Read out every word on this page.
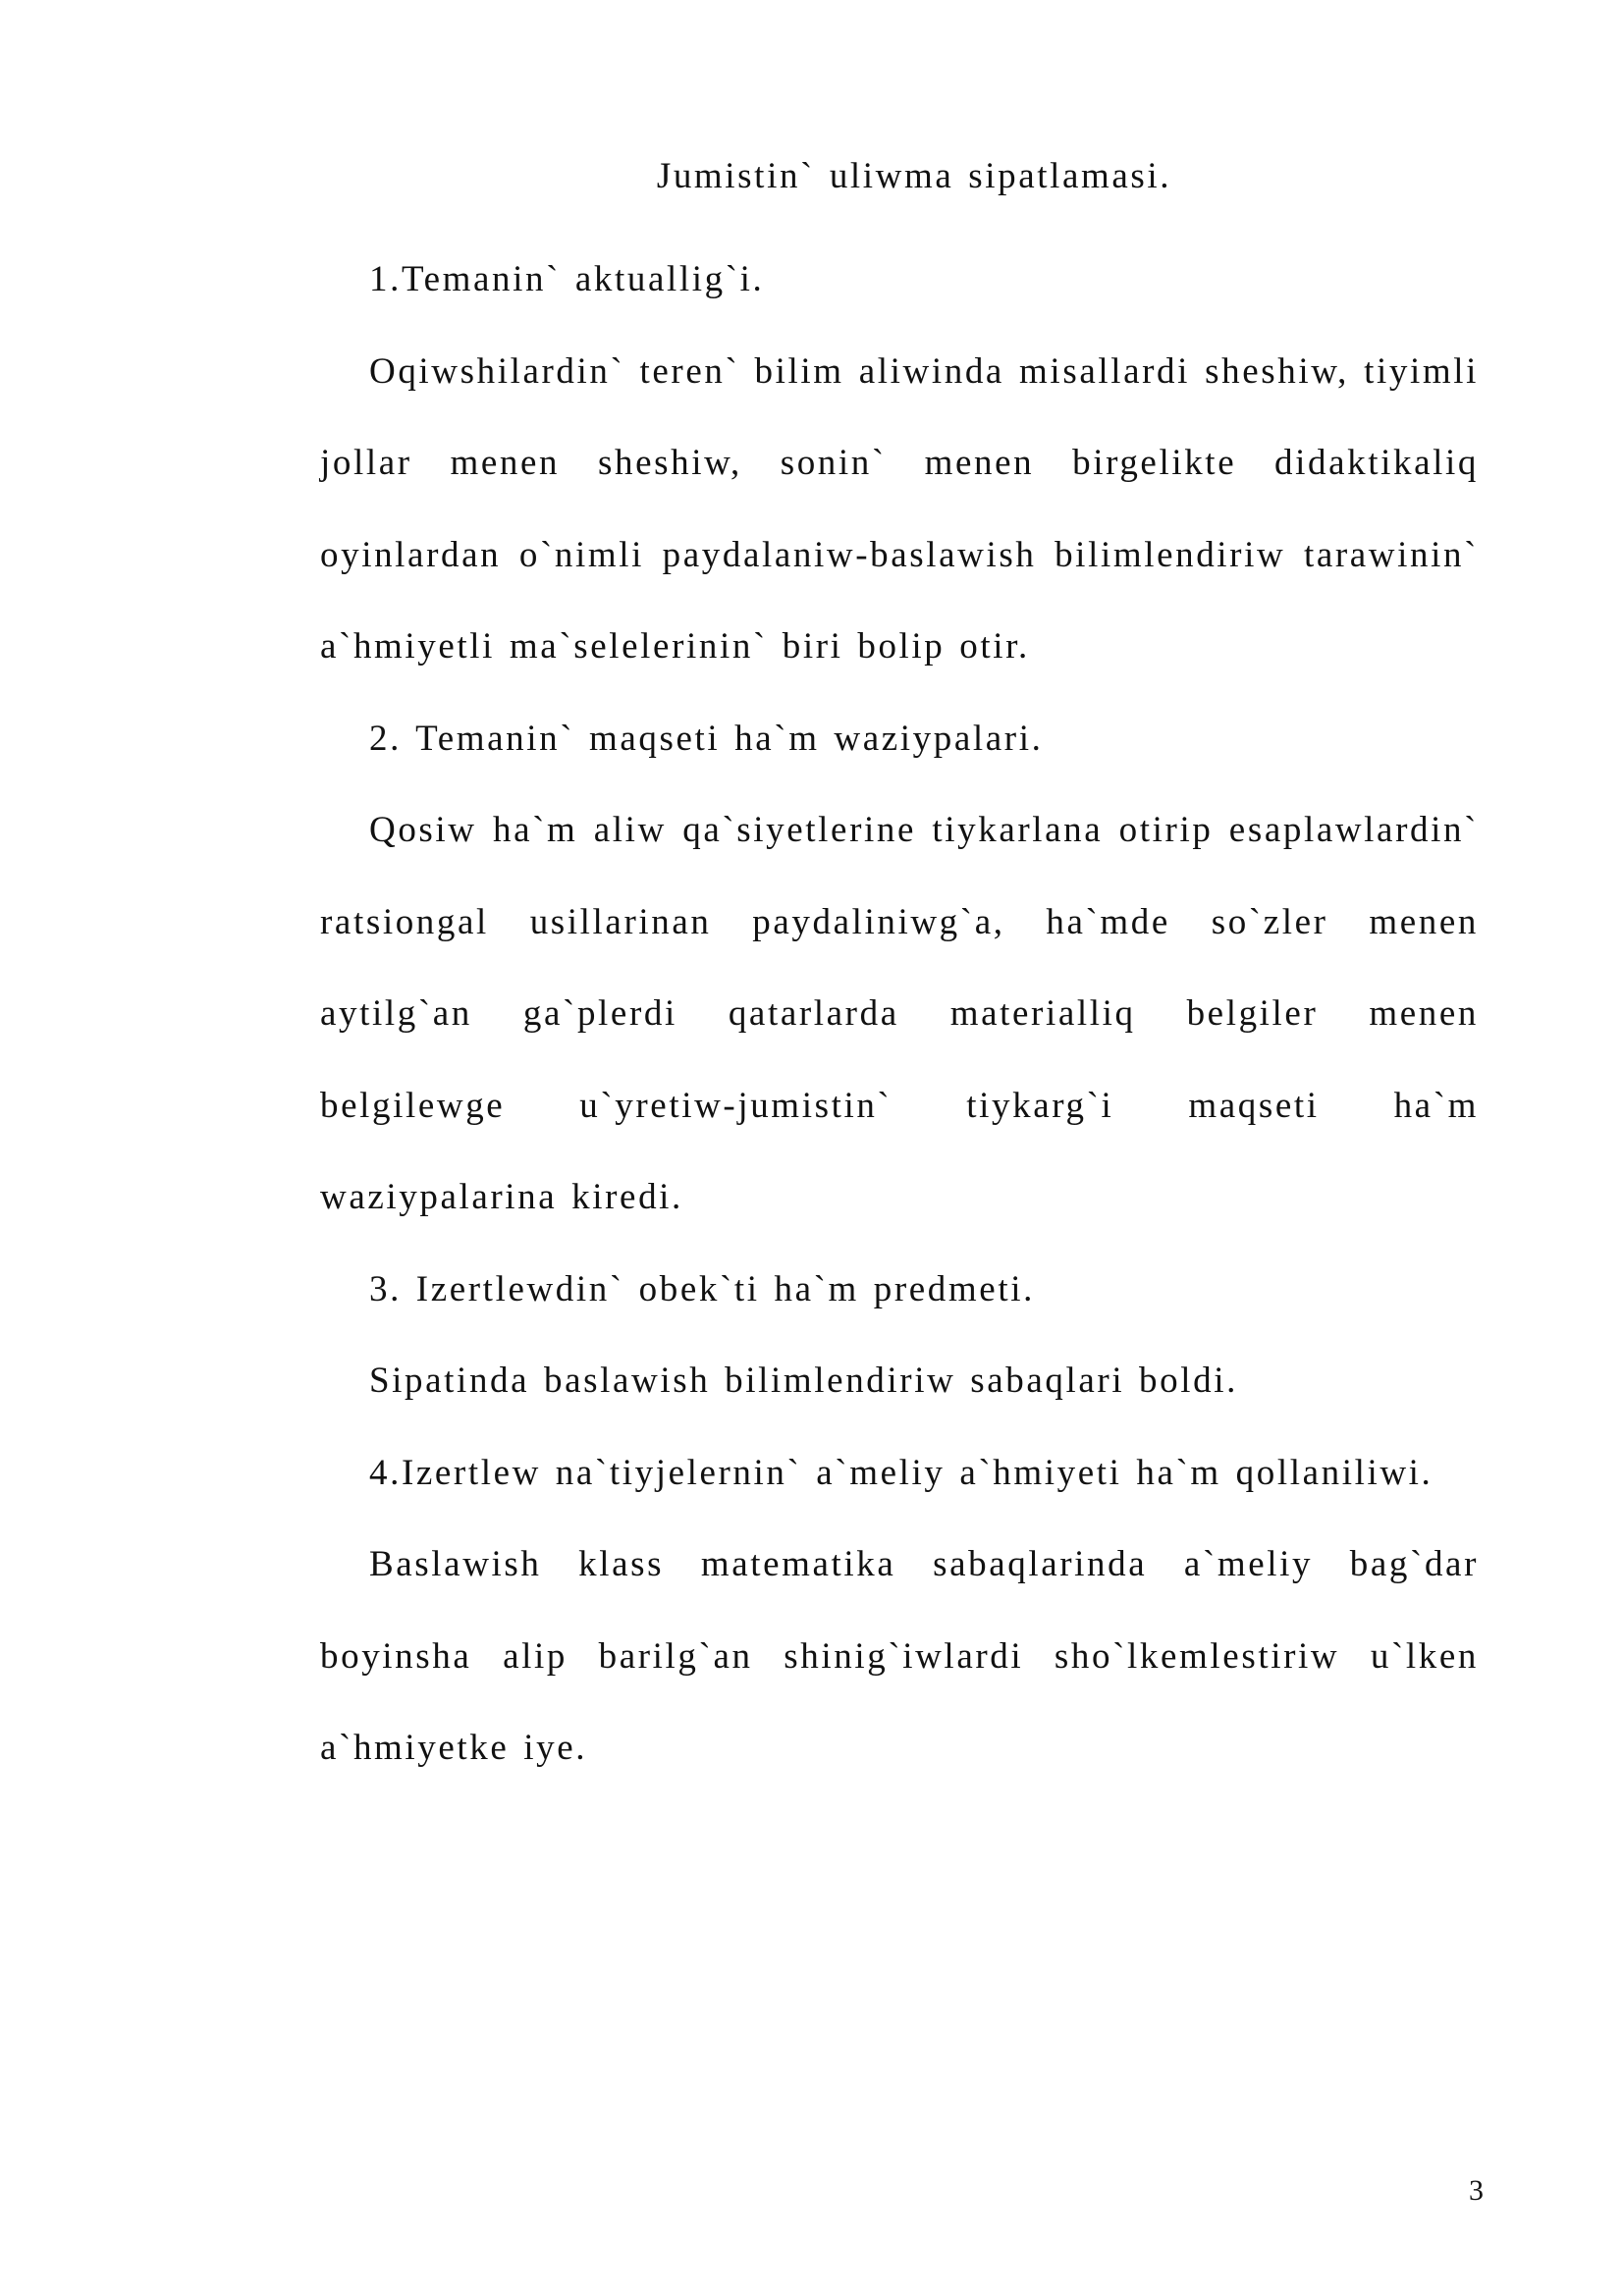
Jumistin` uliwma sipatlamasi.

1.Temanin` aktuallig`i.

Oqiwshilardin` teren` bilim aliwinda misallardi sheshiw, tiyimli jollar menen sheshiw, sonin` menen birgelikte didaktikaliq oyinlardan o`nimli paydalaniw-baslawish bilimlendiriw tarawinin` a`hmiyetli ma`selelerinin` biri bolip otir.

2. Temanin` maqseti ha`m waziypalari.

Qosiw ha`m aliw qa`siyetlerine tiykarlana otirip esaplawlardin` ratsiongal usillarinan paydaliniwg`a, ha`mde so`zler menen aytilg`an ga`plerdi qatarlarda materialliq belgiler menen belgilewge u`yretiw-jumistin` tiykarg`i maqseti ha`m waziypalarina kiredi.

3. Izertlewdin` obek`ti ha`m predmeti.

Sipatinda baslawish bilimlendiriw sabaqlari boldi.

4.Izertlew na`tiyjelernin` a`meliy a`hmiyeti ha`m qollaniliwi.

Baslawish klass matematika sabaqlarinda a`meliy bag`dar boyinsha alip barilg`an shinig`iwlardi sho`lkemlestiriw u`lken a`hmiyetke iye.

3
